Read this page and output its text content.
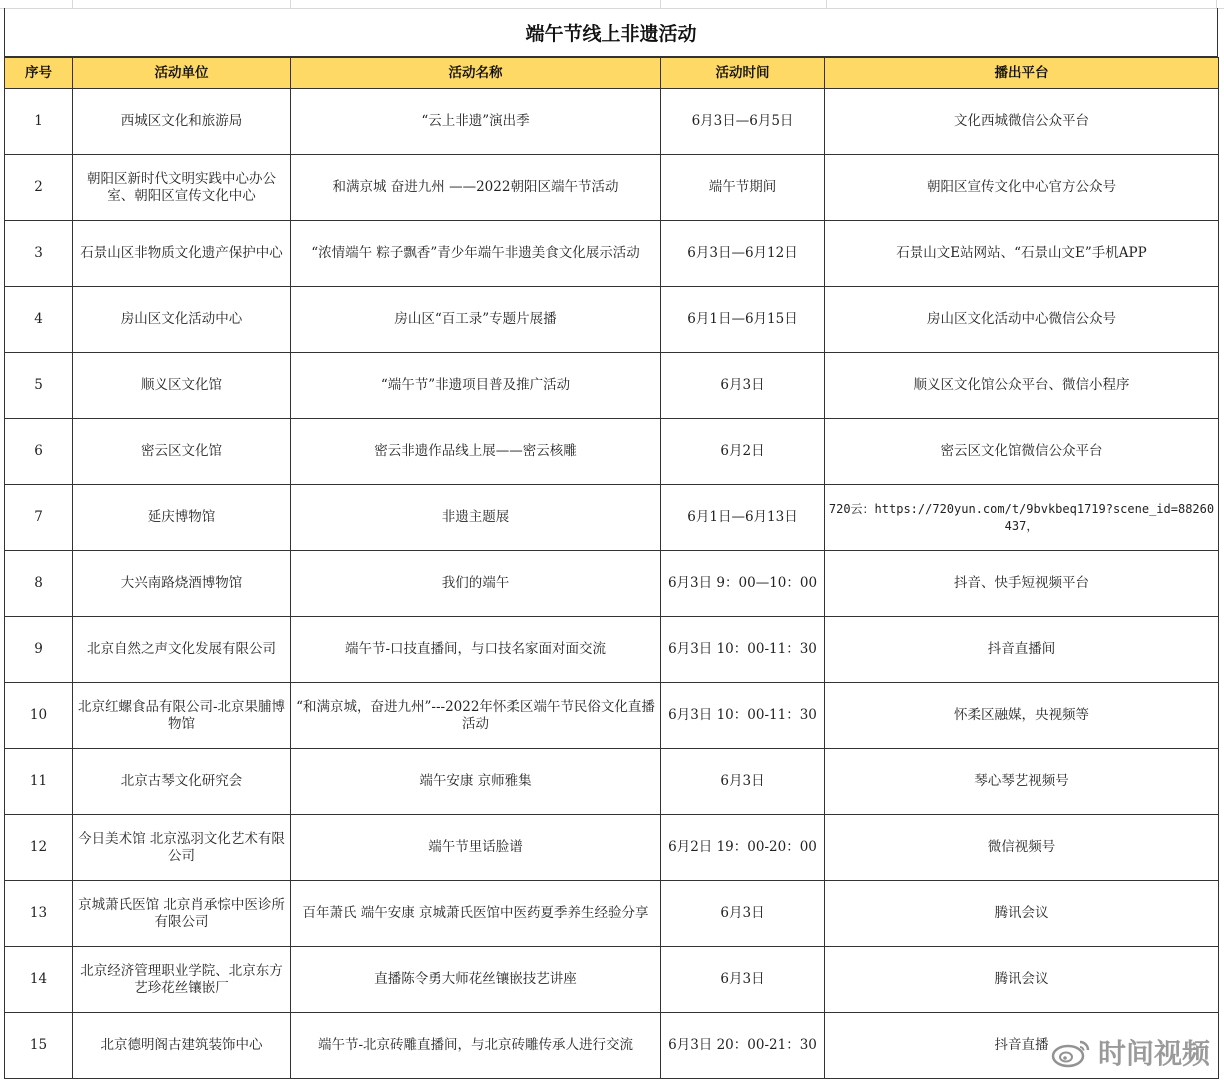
端午节线上非遗活动
序号	活动单位	活动名称	活动时间	播出平台
1	西城区文化和旅游局	“云上非遗”演出季	6月3日—6月5日	文化西城微信公众平台
2	朝阳区新时代文明实践中心办公室、朝阳区宣传文化中心	和满京城 奋进九州 ——2022朝阳区端午节活动	端午节期间	朝阳区宣传文化中心官方公众号
3	石景山区非物质文化遗产保护中心	“浓情端午 粽子飘香”青少年端午非遗美食文化展示活动	6月3日—6月12日	石景山文E站网站、“石景山文E”手机APP
4	房山区文化活动中心	房山区“百工录”专题片展播	6月1日—6月15日	房山区文化活动中心微信公众号
5	顺义区文化馆	“端午节”非遗项目普及推广活动	6月3日	顺义区文化馆公众平台、微信小程序
6	密云区文化馆	密云非遗作品线上展——密云核雕	6月2日	密云区文化馆微信公众平台
7	延庆博物馆	非遗主题展	6月1日—6月13日	720云：https://720yun.com/t/9bvkbeq1719?scene_id=88260437，
8	大兴南路烧酒博物馆	我们的端午	6月3日 9：00—10：00	抖音、快手短视频平台
9	北京自然之声文化发展有限公司	端午节-口技直播间，与口技名家面对面交流	6月3日 10：00-11：30	抖音直播间
10	北京红螺食品有限公司-北京果脯博物馆	“和满京城，奋进九州”---2022年怀柔区端午节民俗文化直播活动	6月3日 10：00-11：30	怀柔区融媒，央视频等
11	北京古琴文化研究会	端午安康 京师雅集	6月3日	琴心琴艺视频号
12	今日美术馆 北京泓羽文化艺术有限公司	端午节里话脸谱	6月2日 19：00-20：00	微信视频号
13	京城萧氏医馆 北京肖承悰中医诊所有限公司	百年萧氏 端午安康 京城萧氏医馆中医药夏季养生经验分享	6月3日	腾讯会议
14	北京经济管理职业学院、北京东方艺珍花丝镶嵌厂	直播陈令勇大师花丝镶嵌技艺讲座	6月3日	腾讯会议
15	北京德明阁古建筑装饰中心	端午节-北京砖雕直播间，与北京砖雕传承人进行交流	6月3日 20：00-21：30	抖音直播 时间视频
